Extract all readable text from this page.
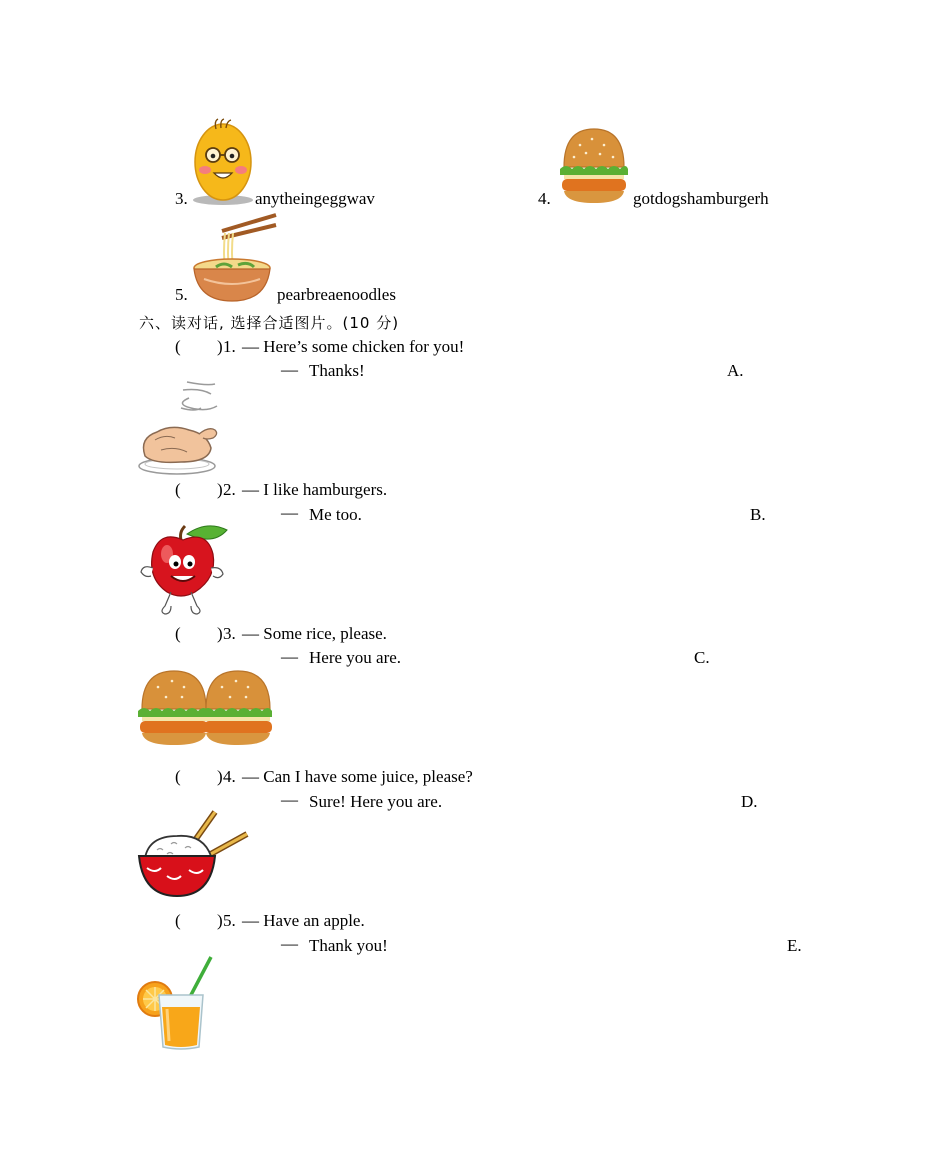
3.	anytheingeggwav	4.	gotdogshamburgerh
5.	pearbreaenoodles
六、读对话, 选择合适图片。(10 分)
( ) 1. — Here’s some chicken for you!
— Thanks!	A.
( ) 2. — I like hamburgers.
— Me too.	B.
( ) 3. — Some rice, please.
— Here you are.	C.
( ) 4. — Can I have some juice, please?
— Sure! Here you are.	D.
( ) 5. — Have an apple.
— Thank you!	E.
